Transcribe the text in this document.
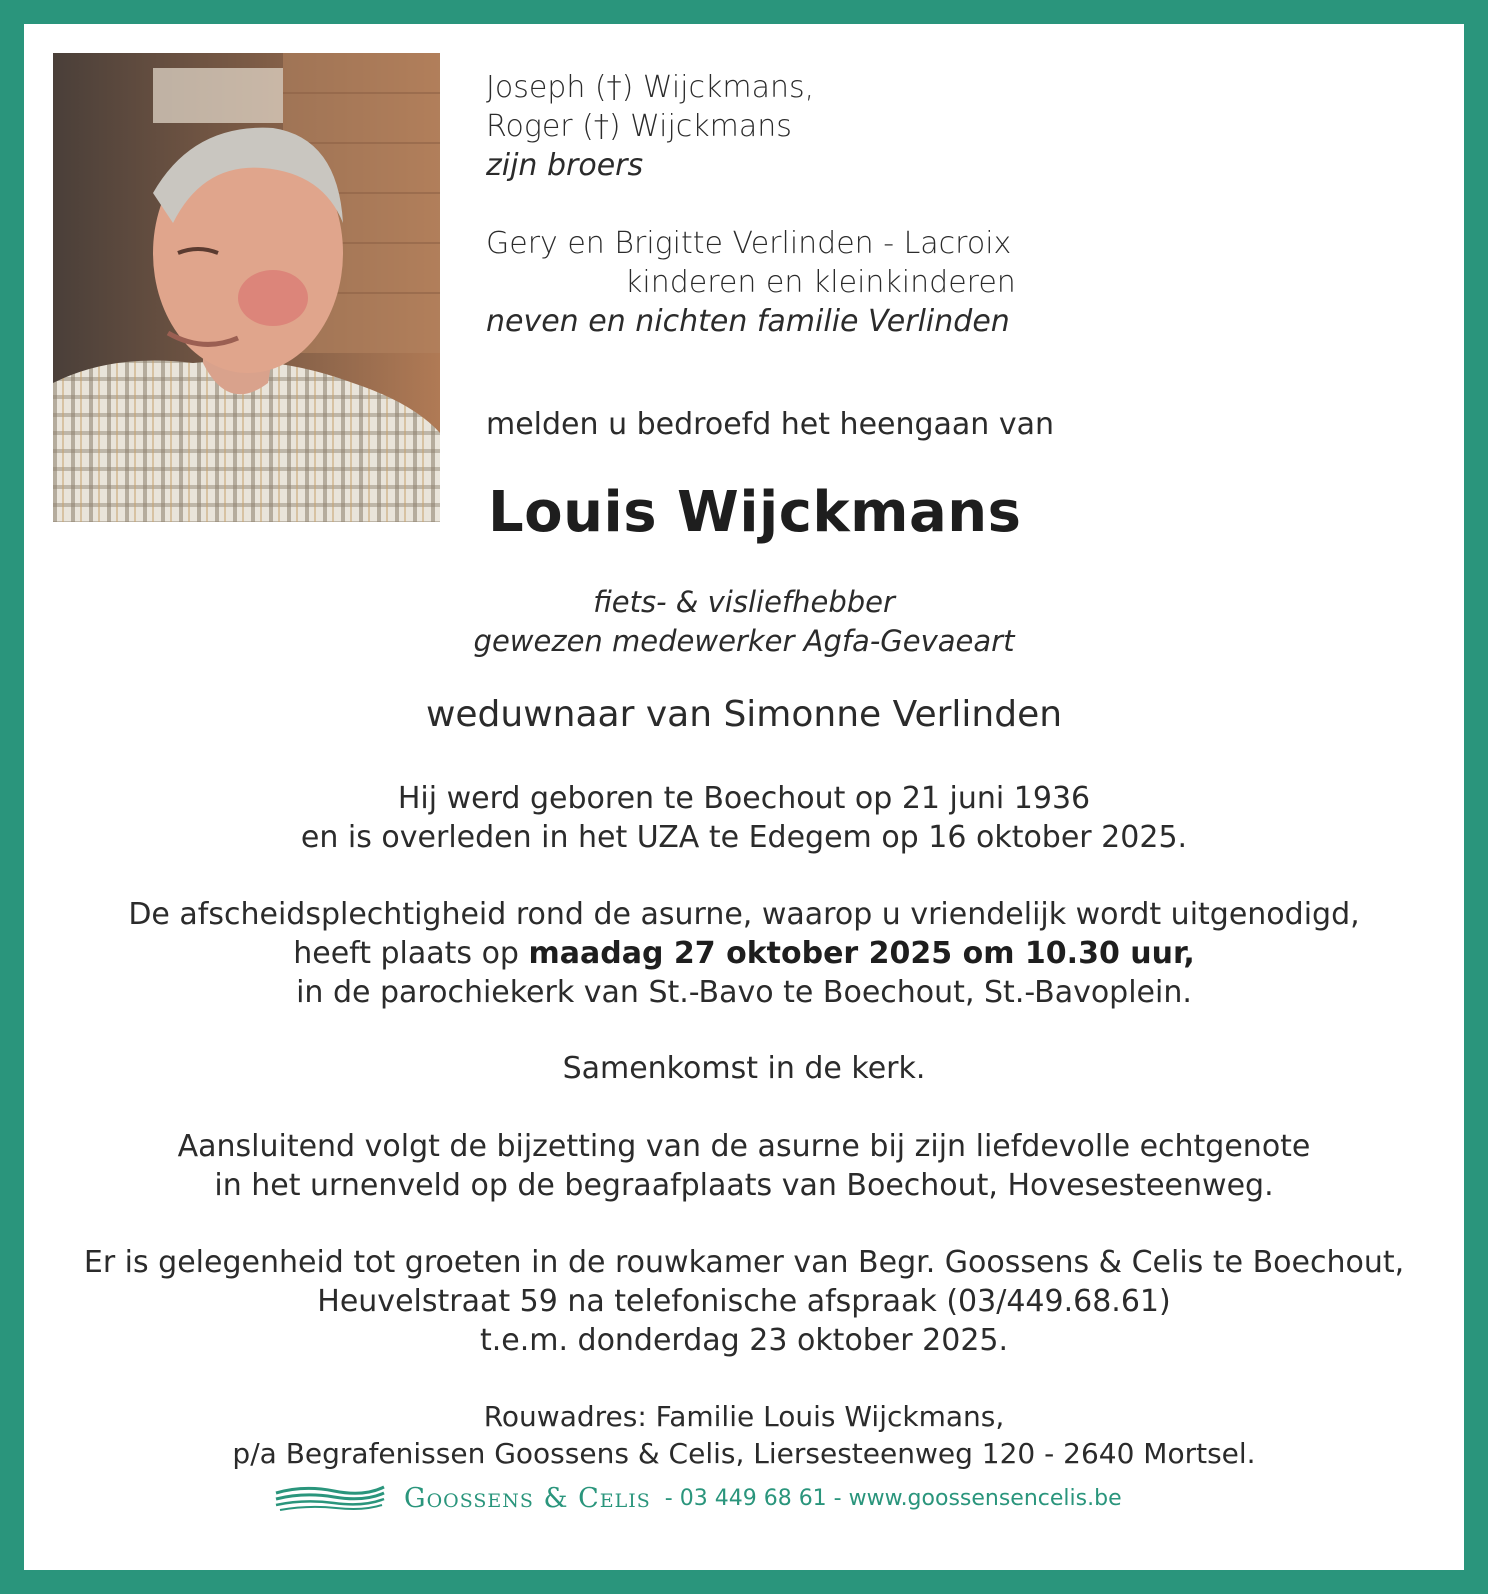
Joseph (†) Wijckmans,
Roger (†) Wijckmans
zijn broers
Gery en Brigitte Verlinden - Lacroix
kinderen en kleinkinderen
neven en nichten familie Verlinden
melden u bedroefd het heengaan van
Louis Wijckmans
fiets- & visliefhebber
gewezen medewerker Agfa-Gevaeart
weduwnaar van Simonne Verlinden
Hij werd geboren te Boechout op 21 juni 1936
en is overleden in het UZA te Edegem op 16 oktober 2025.
De afscheidsplechtigheid rond de asurne, waarop u vriendelijk wordt uitgenodigd,
heeft plaats op maadag 27 oktober 2025 om 10.30 uur,
in de parochiekerk van St.-Bavo te Boechout, St.-Bavoplein.
Samenkomst in de kerk.
Aansluitend volgt de bijzetting van de asurne bij zijn liefdevolle echtgenote
in het urnenveld op de begraafplaats van Boechout, Hovesesteenweg.
Er is gelegenheid tot groeten in de rouwkamer van Begr. Goossens & Celis te Boechout,
Heuvelstraat 59 na telefonische afspraak (03/449.68.61)
t.e.m. donderdag 23 oktober 2025.
Rouwadres: Familie Louis Wijckmans,
p/a Begrafenissen Goossens & Celis, Liersesteenweg 120 - 2640 Mortsel.
Goossens & Celis - 03 449 68 61 - www.goossensencelis.be
